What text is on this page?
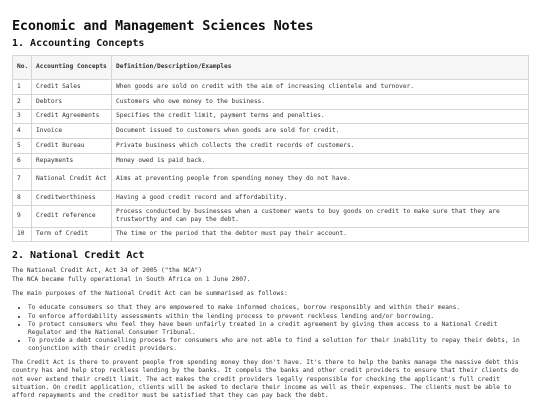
Economic and Management Sciences Notes
1. Accounting Concepts
No.	Accounting Concepts	Definition/Description/Examples
1	Credit Sales	When goods are sold on credit with the aim of increasing clientele and turnover.
2	Debtors	Customers who owe money to the business.
3	Credit Agreements	Specifies the credit limit, payment terms and penalties.
4	Invoice	Document issued to customers when goods are sold for credit.
5	Credit Bureau	Private business which collects the credit records of customers.
6	Repayments	Money owed is paid back.
7	National Credit Act	Aims at preventing people from spending money they do not have.
8	Creditworthiness	Having a good credit record and affordability.
9	Credit reference	Process conducted by businesses when a customer wants to buy goods on credit to make sure that they are trustworthy and can pay the debt.
10	Term of Credit	The time or the period that the debtor must pay their account.
2. National Credit Act

The National Credit Act, Act 34 of 2005 ("the NCA")
The NCA became fully operational in South Africa on 1 June 2007.

The main purposes of the National Credit Act can be summarised as follows:

• To educate consumers so that they are empowered to make informed choices, borrow responsibly and within their means.
• To enforce affordability assessments within the lending process to prevent reckless lending and/or borrowing.
• To protect consumers who feel they have been unfairly treated in a credit agreement by giving them access to a National Credit Regulator and the National Consumer Tribunal.
• To provide a debt counselling process for consumers who are not able to find a solution for their inability to repay their debts, in conjunction with their credit providers.

The Credit Act is there to prevent people from spending money they don't have. It's there to help the banks manage the massive debt this country has and help stop reckless lending by the banks. It compels the banks and other credit providers to ensure that their clients do not ever extend their credit limit. The act makes the credit providers legally responsible for checking the applicant's full credit situation. On credit application, clients will be asked to declare their income as well as their expenses. The clients must be able to afford repayments and the creditor must be satisfied that they can pay back the debt.
